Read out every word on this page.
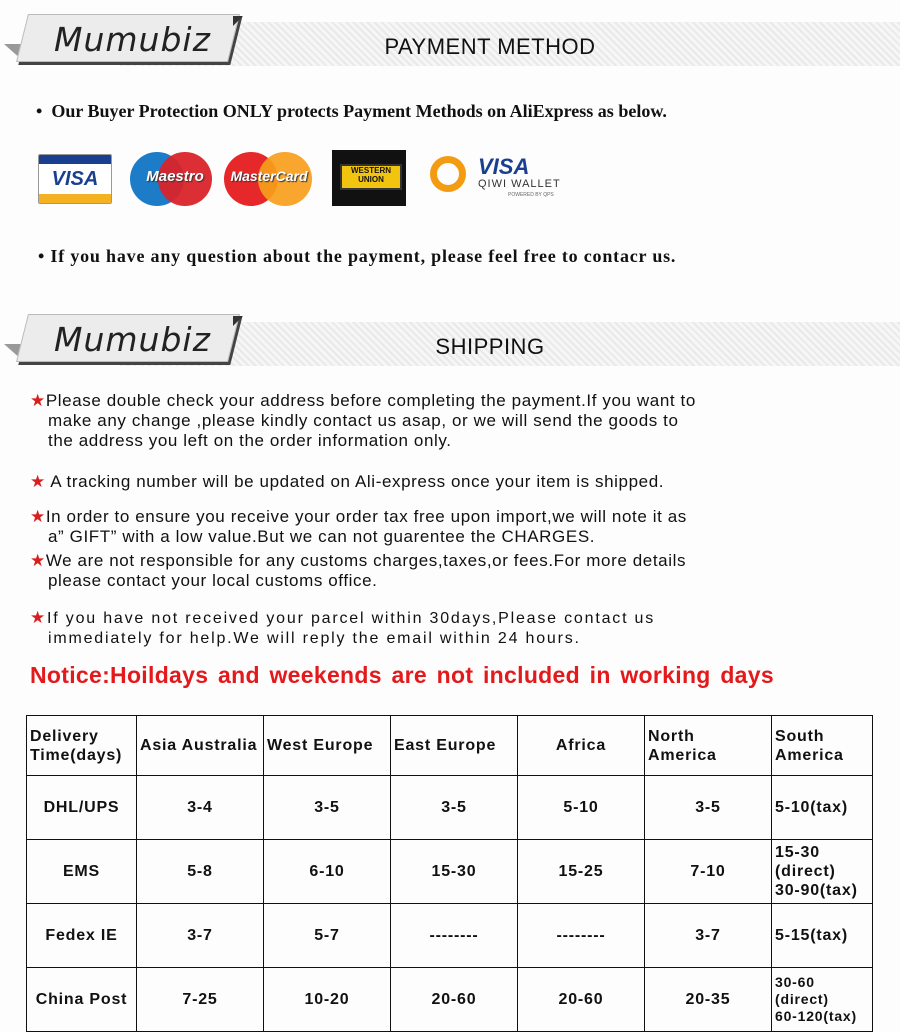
Mumubiz	PAYMENT METHOD
• Our Buyer Protection ONLY protects Payment Methods on AliExpress as below.
VISA	Maestro	MasterCard	WESTERN
UNION
VISA
QIWI WALLET
POWERED BY QPS
• If you have any question about the payment, please feel free to contacr us.
Mumubiz	SHIPPING
★Please double check your address before completing the payment.If you want to
make any change ,please kindly contact us asap, or we will send the goods to
the address you left on the order information only.
★ A tracking number will be updated on Ali-express once your item is shipped.
★In order to ensure you receive your order tax free upon import,we will note it as
a” GIFT” with a low value.But we can not guarentee the CHARGES.
★We are not responsible for any customs charges,taxes,or fees.For more details
please contact your local customs office.
★If you have not received your parcel within 30days,Please contact us
immediately for help.We will reply the email within 24 hours.
Notice:Hoildays and weekends are not included in working days
Delivery Time(days)	Asia Australia	West Europe	East Europe	Africa	North America	South America
DHL/UPS	3-4	3-5	3-5	5-10	3-5	5-10(tax)
EMS	5-8	6-10	15-30	15-25	7-10	15-30
(direct)
30-90(tax)
Fedex IE	3-7	5-7	--------	--------	3-7	5-15(tax)
China Post	7-25	10-20	20-60	20-60	20-35	30-60
(direct)
60-120(tax)
